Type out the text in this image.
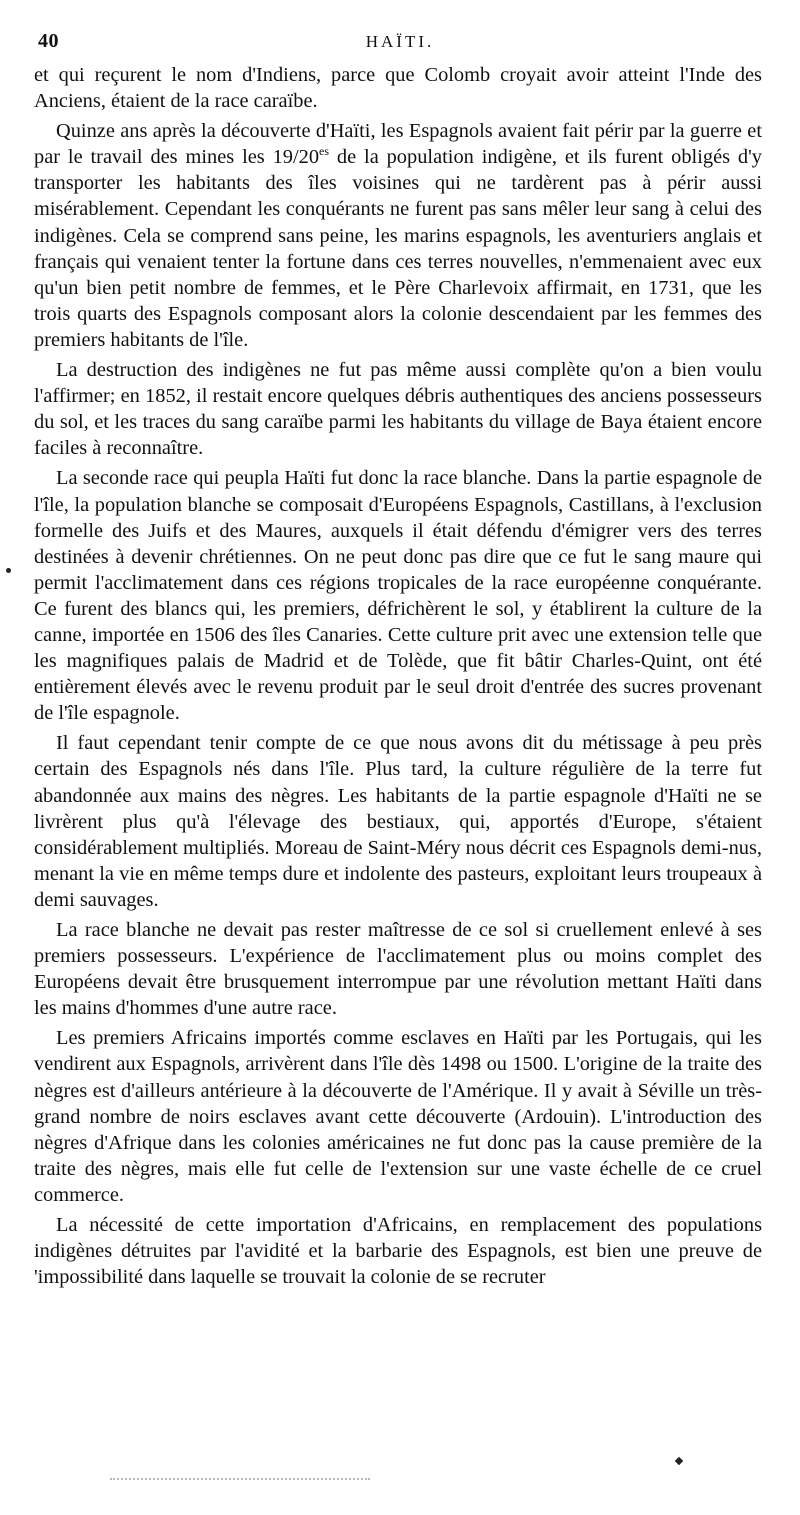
40	HAÏTI.

et qui reçurent le nom d'Indiens, parce que Colomb croyait avoir atteint l'Inde des Anciens, étaient de la race caraïbe.

Quinze ans après la découverte d'Haïti, les Espagnols avaient fait périr par la guerre et par le travail des mines les $19/20^{es}$ de la population indigène, et ils furent obligés d'y transporter les habitants des îles voisines qui ne tardèrent pas à périr aussi misérablement. Cependant les conquérants ne furent pas sans mêler leur sang à celui des indigènes. Cela se comprend sans peine, les marins espagnols, les aventuriers anglais et français qui venaient tenter la fortune dans ces terres nouvelles, n'emmenaient avec eux qu'un bien petit nombre de femmes, et le Père Charlevoix affirmait, en 1731, que les trois quarts des Espagnols composant alors la colonie descendaient par les femmes des premiers habitants de l'île.

La destruction des indigènes ne fut pas même aussi complète qu'on a bien voulu l'affirmer; en 1852, il restait encore quelques débris authentiques des anciens possesseurs du sol, et les traces du sang caraïbe parmi les habitants du village de Baya étaient encore faciles à reconnaître.

La seconde race qui peupla Haïti fut donc la race blanche. Dans la partie espagnole de l'île, la population blanche se composait d'Européens Espagnols, Castillans, à l'exclusion formelle des Juifs et des Maures, auxquels il était défendu d'émigrer vers des terres destinées à devenir chrétiennes. On ne peut donc pas dire que ce fut le sang maure qui permit l'acclimatement dans ces régions tropicales de la race européenne conquérante. Ce furent des blancs qui, les premiers, défrichèrent le sol, y établirent la culture de la canne, importée en 1506 des îles Canaries. Cette culture prit avec une extension telle que les magnifiques palais de Madrid et de Tolède, que fit bâtir Charles-Quint, ont été entièrement élevés avec le revenu produit par le seul droit d'entrée des sucres provenant de l'île espagnole.

Il faut cependant tenir compte de ce que nous avons dit du métissage à peu près certain des Espagnols nés dans l'île. Plus tard, la culture régulière de la terre fut abandonnée aux mains des nègres. Les habitants de la partie espagnole d'Haïti ne se livrèrent plus qu'à l'élevage des bestiaux, qui, apportés d'Europe, s'étaient considérablement multipliés. Moreau de Saint-Méry nous décrit ces Espagnols demi-nus, menant la vie en même temps dure et indolente des pasteurs, exploitant leurs troupeaux à demi sauvages.

La race blanche ne devait pas rester maîtresse de ce sol si cruellement enlevé à ses premiers possesseurs. L'expérience de l'acclimatement plus ou moins complet des Européens devait être brusquement interrompue par une révolution mettant Haïti dans les mains d'hommes d'une autre race.

Les premiers Africains importés comme esclaves en Haïti par les Portugais, qui les vendirent aux Espagnols, arrivèrent dans l'île dès 1498 ou 1500. L'origine de la traite des nègres est d'ailleurs antérieure à la découverte de l'Amérique. Il y avait à Séville un très-grand nombre de noirs esclaves avant cette découverte (Ardouin). L'introduction des nègres d'Afrique dans les colonies américaines ne fut donc pas la cause première de la traite des nègres, mais elle fut celle de l'extension sur une vaste échelle de ce cruel commerce.

La nécessité de cette importation d'Africains, en remplacement des populations indigènes détruites par l'avidité et la barbarie des Espagnols, est bien une preuve de 'impossibilité dans laquelle se trouvait la colonie de se recruter
